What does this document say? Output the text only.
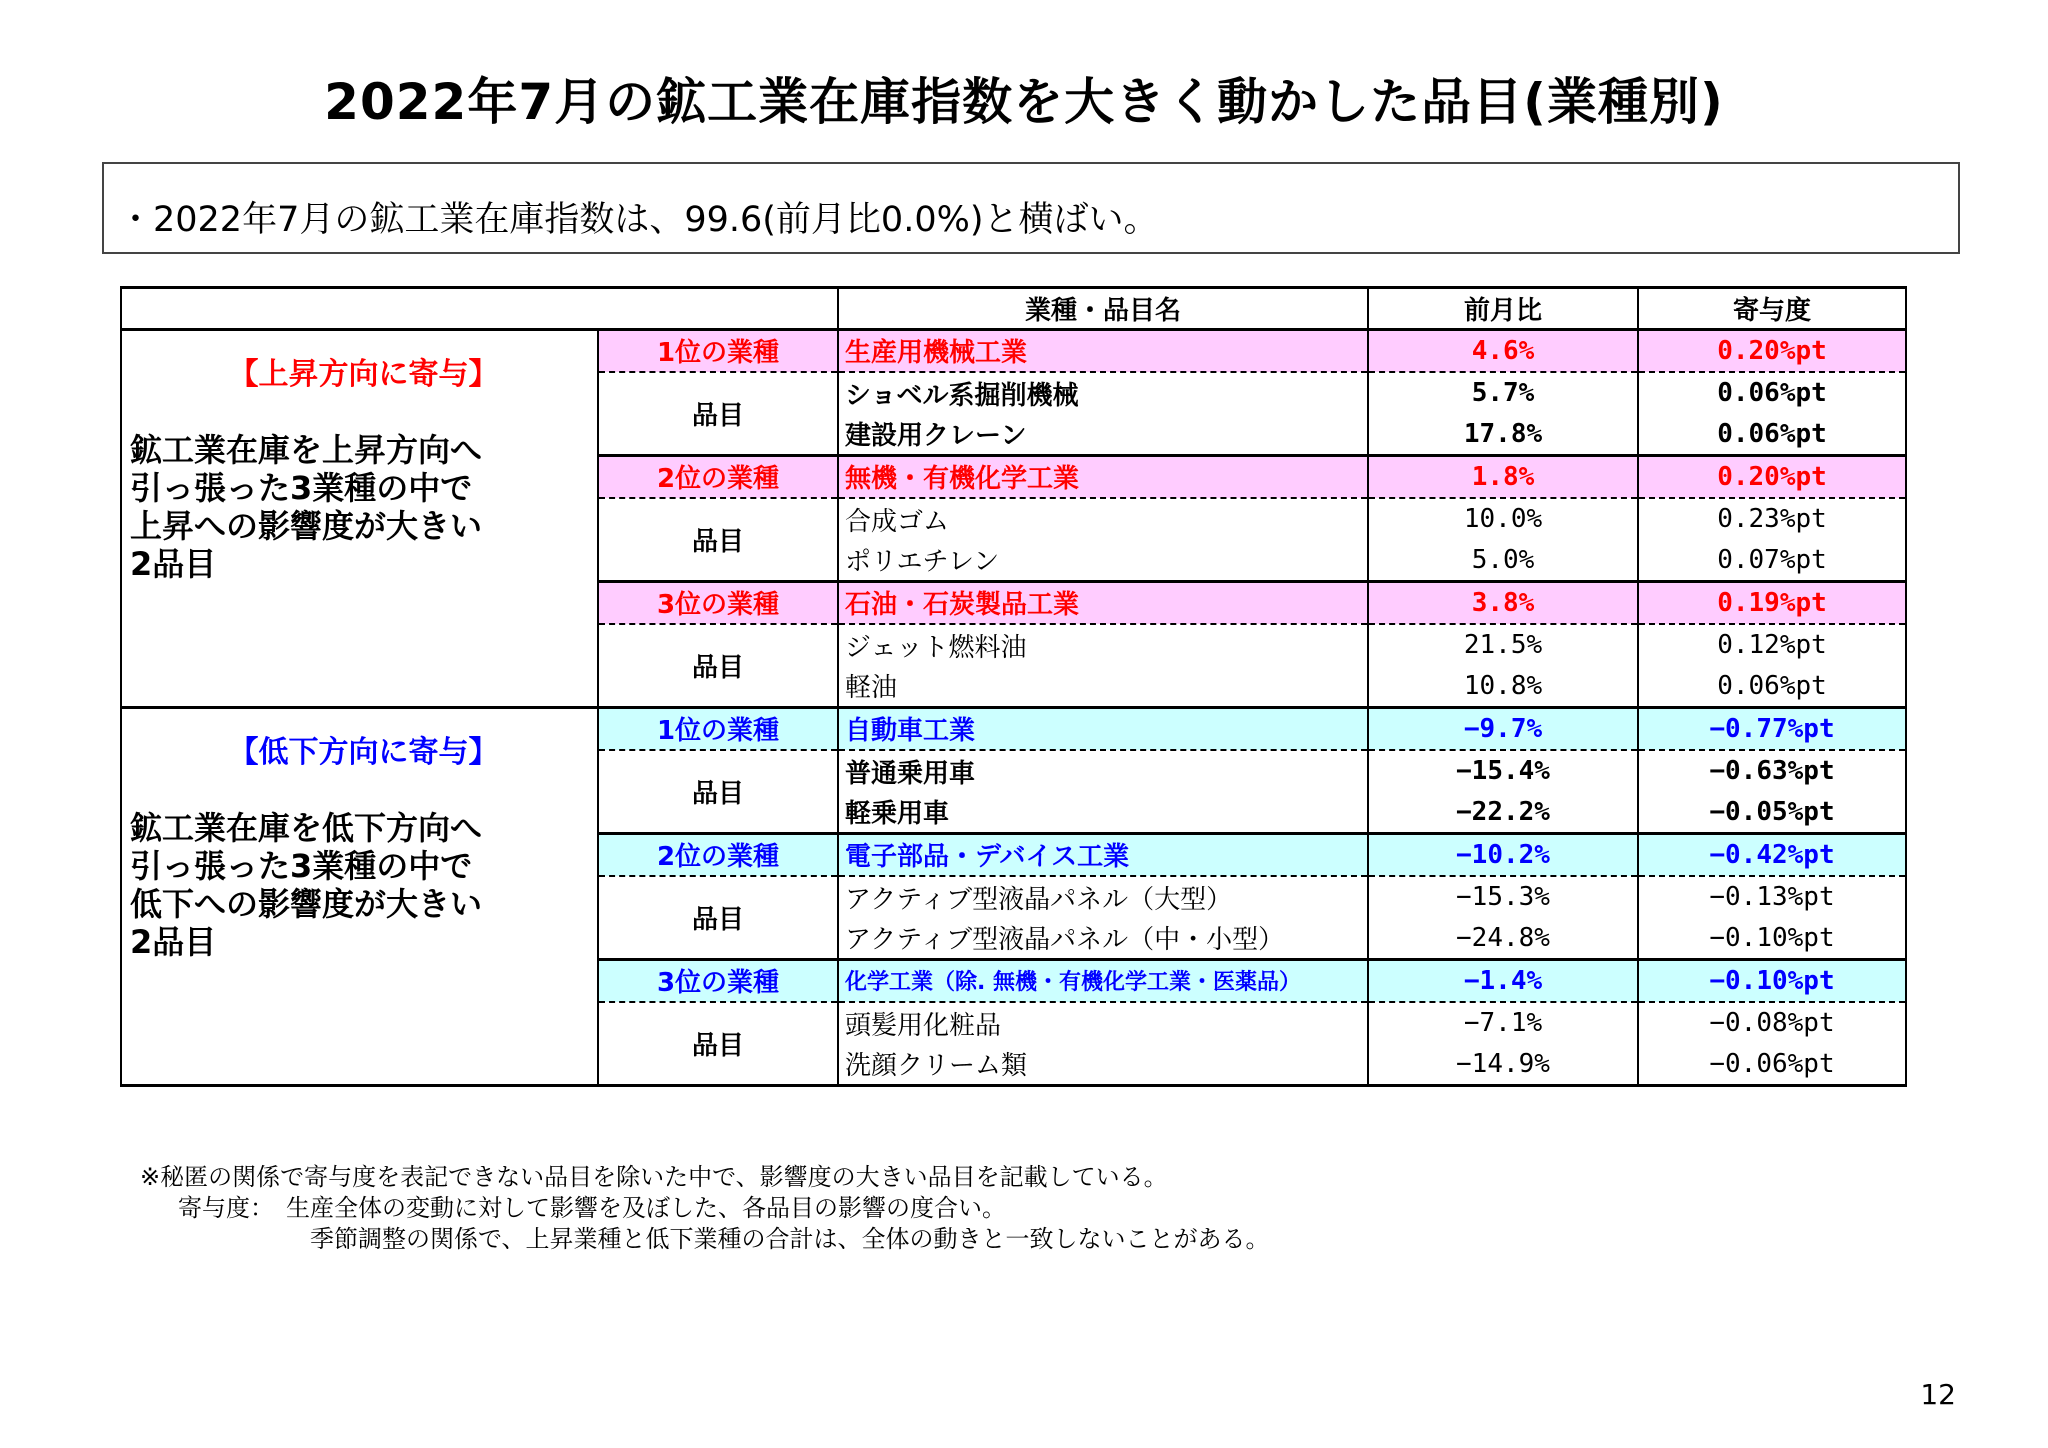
2022年7月の鉱工業在庫指数を大きく動かした品目(業種別)
・2022年7月の鉱工業在庫指数は、99.6(前月比0.0%)と横ばい。
		業種・品目名	前月比	寄与度

【上昇方向に寄与】
鉱工業在庫を上昇方向へ
引っ張った3業種の中で
上昇への影響度が大きい
2品目	1位の業種	生産用機械工業	4.6%	0.20%pt
	品目	ショベル系掘削機械	5.7%	0.06%pt
		建設用クレーン	17.8%	0.06%pt
	2位の業種	無機・有機化学工業	1.8%	0.20%pt
	品目	合成ゴム	10.0%	0.23%pt
		ポリエチレン	5.0%	0.07%pt
	3位の業種	石油・石炭製品工業	3.8%	0.19%pt
	品目	ジェット燃料油	21.5%	0.12%pt
		軽油	10.8%	0.06%pt

【低下方向に寄与】
鉱工業在庫を低下方向へ
引っ張った3業種の中で
低下への影響度が大きい
2品目	1位の業種	自動車工業	−9.7%	−0.77%pt
	品目	普通乗用車	−15.4%	−0.63%pt
		軽乗用車	−22.2%	−0.05%pt
	2位の業種	電子部品・デバイス工業	−10.2%	−0.42%pt
	品目	アクティブ型液晶パネル（大型）	−15.3%	−0.13%pt
		アクティブ型液晶パネル（中・小型）	−24.8%	−0.10%pt
	3位の業種	化学工業（除. 無機・有機化学工業・医薬品）	−1.4%	−0.10%pt
	品目	頭髪用化粧品	−7.1%	−0.08%pt
		洗顔クリーム類	−14.9%	−0.06%pt
※秘匿の関係で寄与度を表記できない品目を除いた中で、影響度の大きい品目を記載している。
寄与度：　生産全体の変動に対して影響を及ぼした、各品目の影響の度合い。
季節調整の関係で、上昇業種と低下業種の合計は、全体の動きと一致しないことがある。
12
